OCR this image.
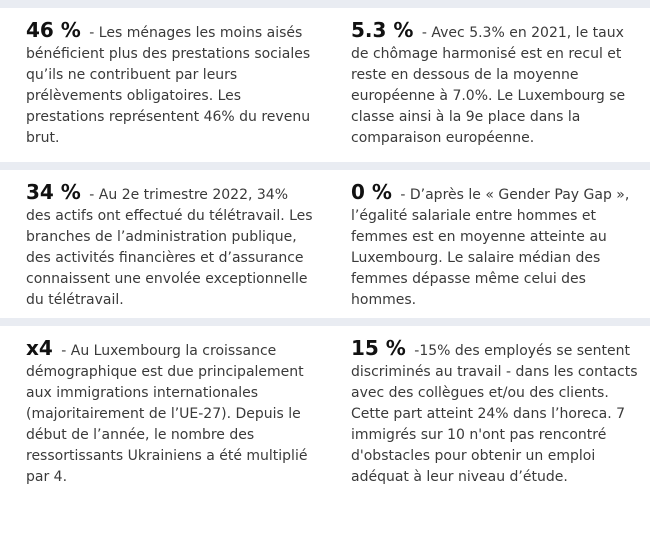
46 % - Les ménages les moins aisés bénéficient plus des prestations sociales qu’ils ne contribuent par leurs prélèvements obligatoires. Les prestations représentent 46% du revenu brut.
5.3 % - Avec 5.3% en 2021, le taux de chômage harmonisé est en recul et reste en dessous de la moyenne européenne à 7.0%. Le Luxembourg se classe ainsi à la 9e place dans la comparaison européenne.
34 % - Au 2e trimestre 2022, 34% des actifs ont effectué du télétravail. Les branches de l’administration publique, des activités financières et d’assurance connaissent une envolée exceptionnelle du télétravail.
0 % - D’après le « Gender Pay Gap », l’égalité salariale entre hommes et femmes est en moyenne atteinte au Luxembourg. Le salaire médian des femmes dépasse même celui des hommes.
x4 - Au Luxembourg la croissance démographique est due principalement aux immigrations internationales (majoritairement de l’UE-27). Depuis le début de l’année, le nombre des ressortissants Ukrainiens a été multiplié par 4.
15 % -15% des employés se sentent discriminés au travail - dans les contacts avec des collègues et/ou des clients. Cette part atteint 24% dans l’horeca. 7 immigrés sur 10 n'ont pas rencontré d'obstacles pour obtenir un emploi adéquat à leur niveau d’étude.
